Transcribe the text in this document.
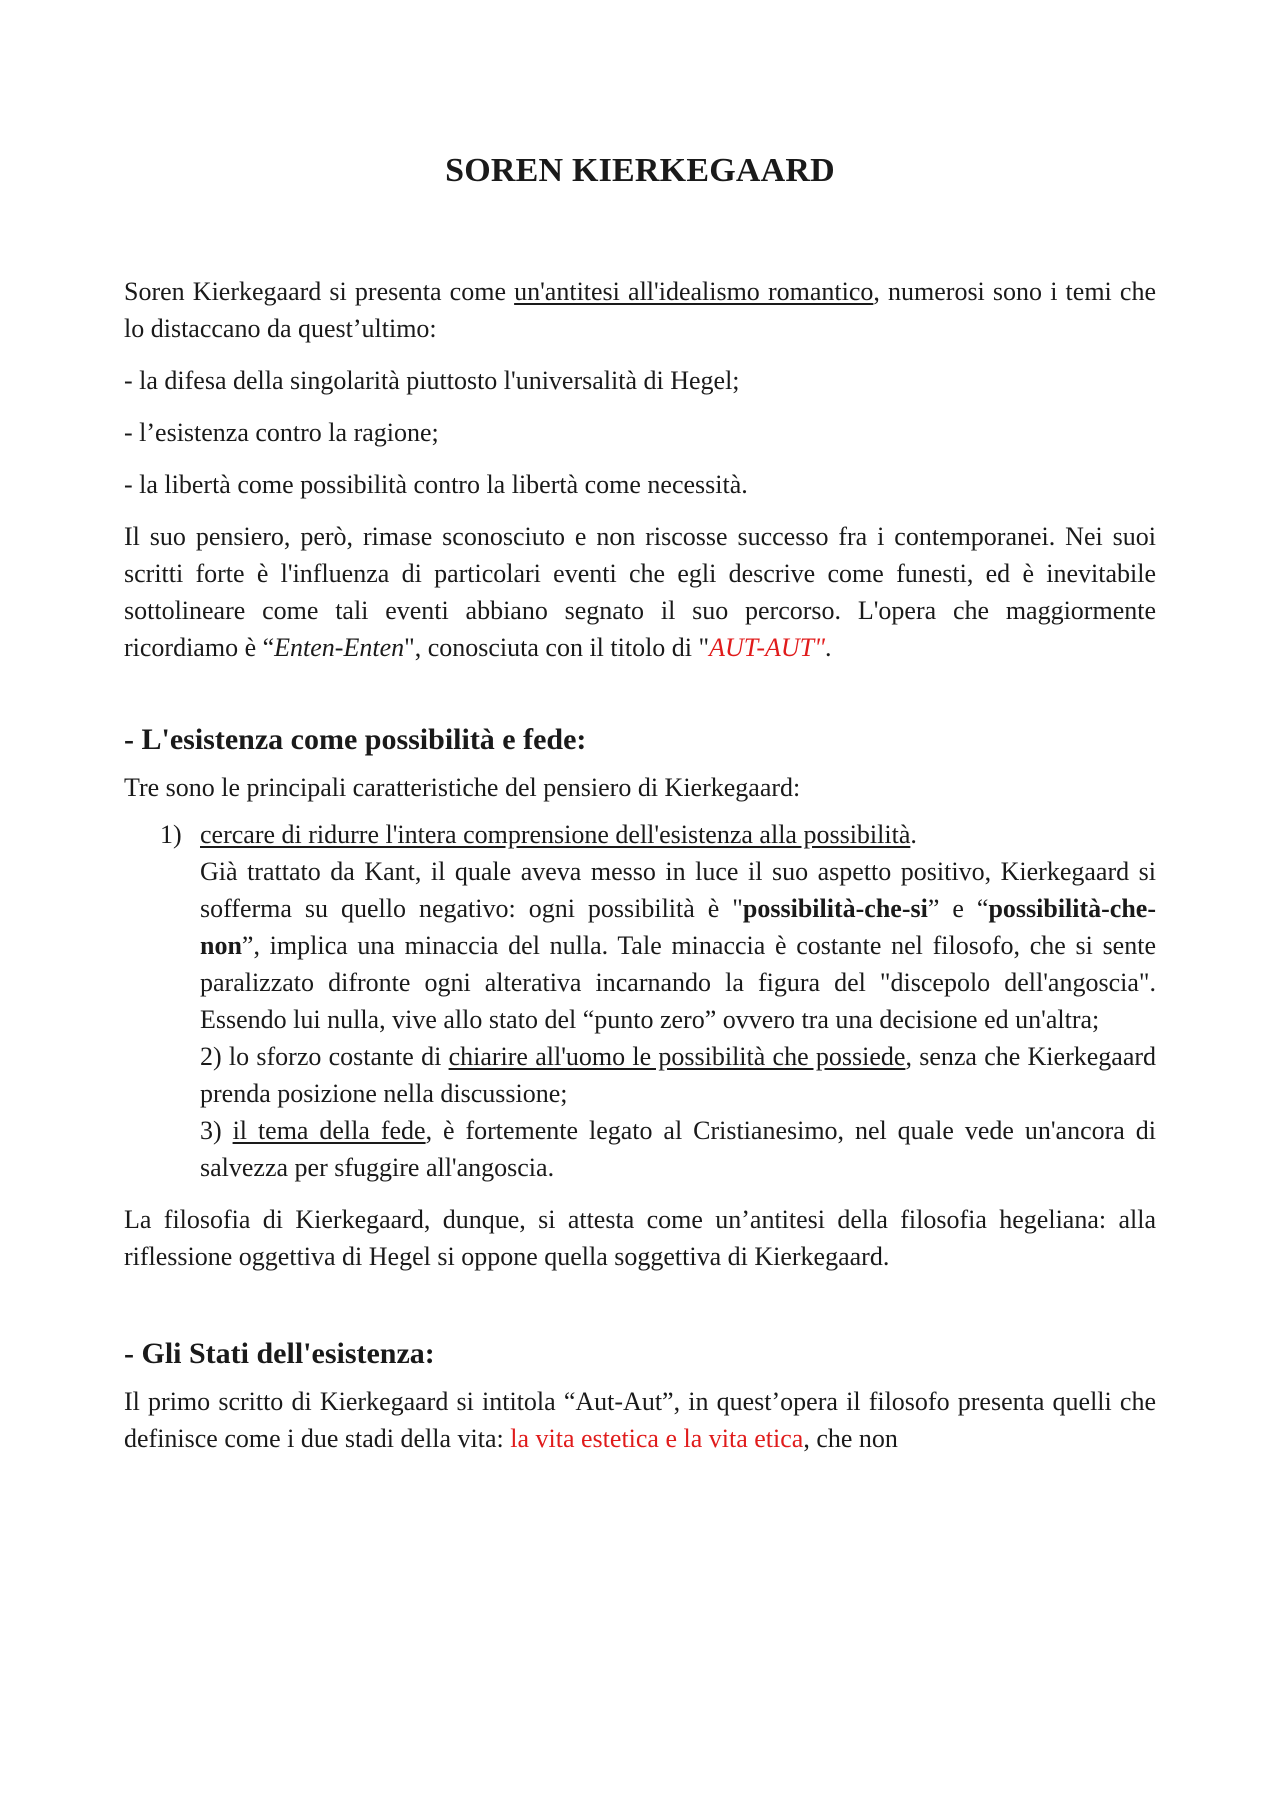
SOREN KIERKEGAARD

Soren Kierkegaard si presenta come un'antitesi all'idealismo romantico, numerosi sono i temi che lo distaccano da quest’ultimo:

- la difesa della singolarità piuttosto l'universalità di Hegel;

- l’esistenza contro la ragione;

- la libertà come possibilità contro la libertà come necessità.

Il suo pensiero, però, rimase sconosciuto e non riscosse successo fra i contemporanei. Nei suoi scritti forte è l'influenza di particolari eventi che egli descrive come funesti, ed è inevitabile sottolineare come tali eventi abbiano segnato il suo percorso. L'opera che maggiormente ricordiamo è “Enten-Enten", conosciuta con il titolo di "AUT-AUT".

- L'esistenza come possibilità e fede:

Tre sono le principali caratteristiche del pensiero di Kierkegaard:

1) cercare di ridurre l'intera comprensione dell'esistenza alla possibilità.
Già trattato da Kant, il quale aveva messo in luce il suo aspetto positivo, Kierkegaard si sofferma su quello negativo: ogni possibilità è "possibilità-che-si” e “possibilità-che-non”, implica una minaccia del nulla. Tale minaccia è costante nel filosofo, che si sente paralizzato difronte ogni alterativa incarnando la figura del "discepolo dell'angoscia". Essendo lui nulla, vive allo stato del “punto zero” ovvero tra una decisione ed un'altra;
2) lo sforzo costante di chiarire all'uomo le possibilità che possiede, senza che Kierkegaard prenda posizione nella discussione;
3) il tema della fede, è fortemente legato al Cristianesimo, nel quale vede un'ancora di salvezza per sfuggire all'angoscia.

La filosofia di Kierkegaard, dunque, si attesta come un’antitesi della filosofia hegeliana: alla riflessione oggettiva di Hegel si oppone quella soggettiva di Kierkegaard.

- Gli Stati dell'esistenza:

Il primo scritto di Kierkegaard si intitola “Aut-Aut”, in quest’opera il filosofo presenta quelli che definisce come i due stadi della vita: la vita estetica e la vita etica, che non
